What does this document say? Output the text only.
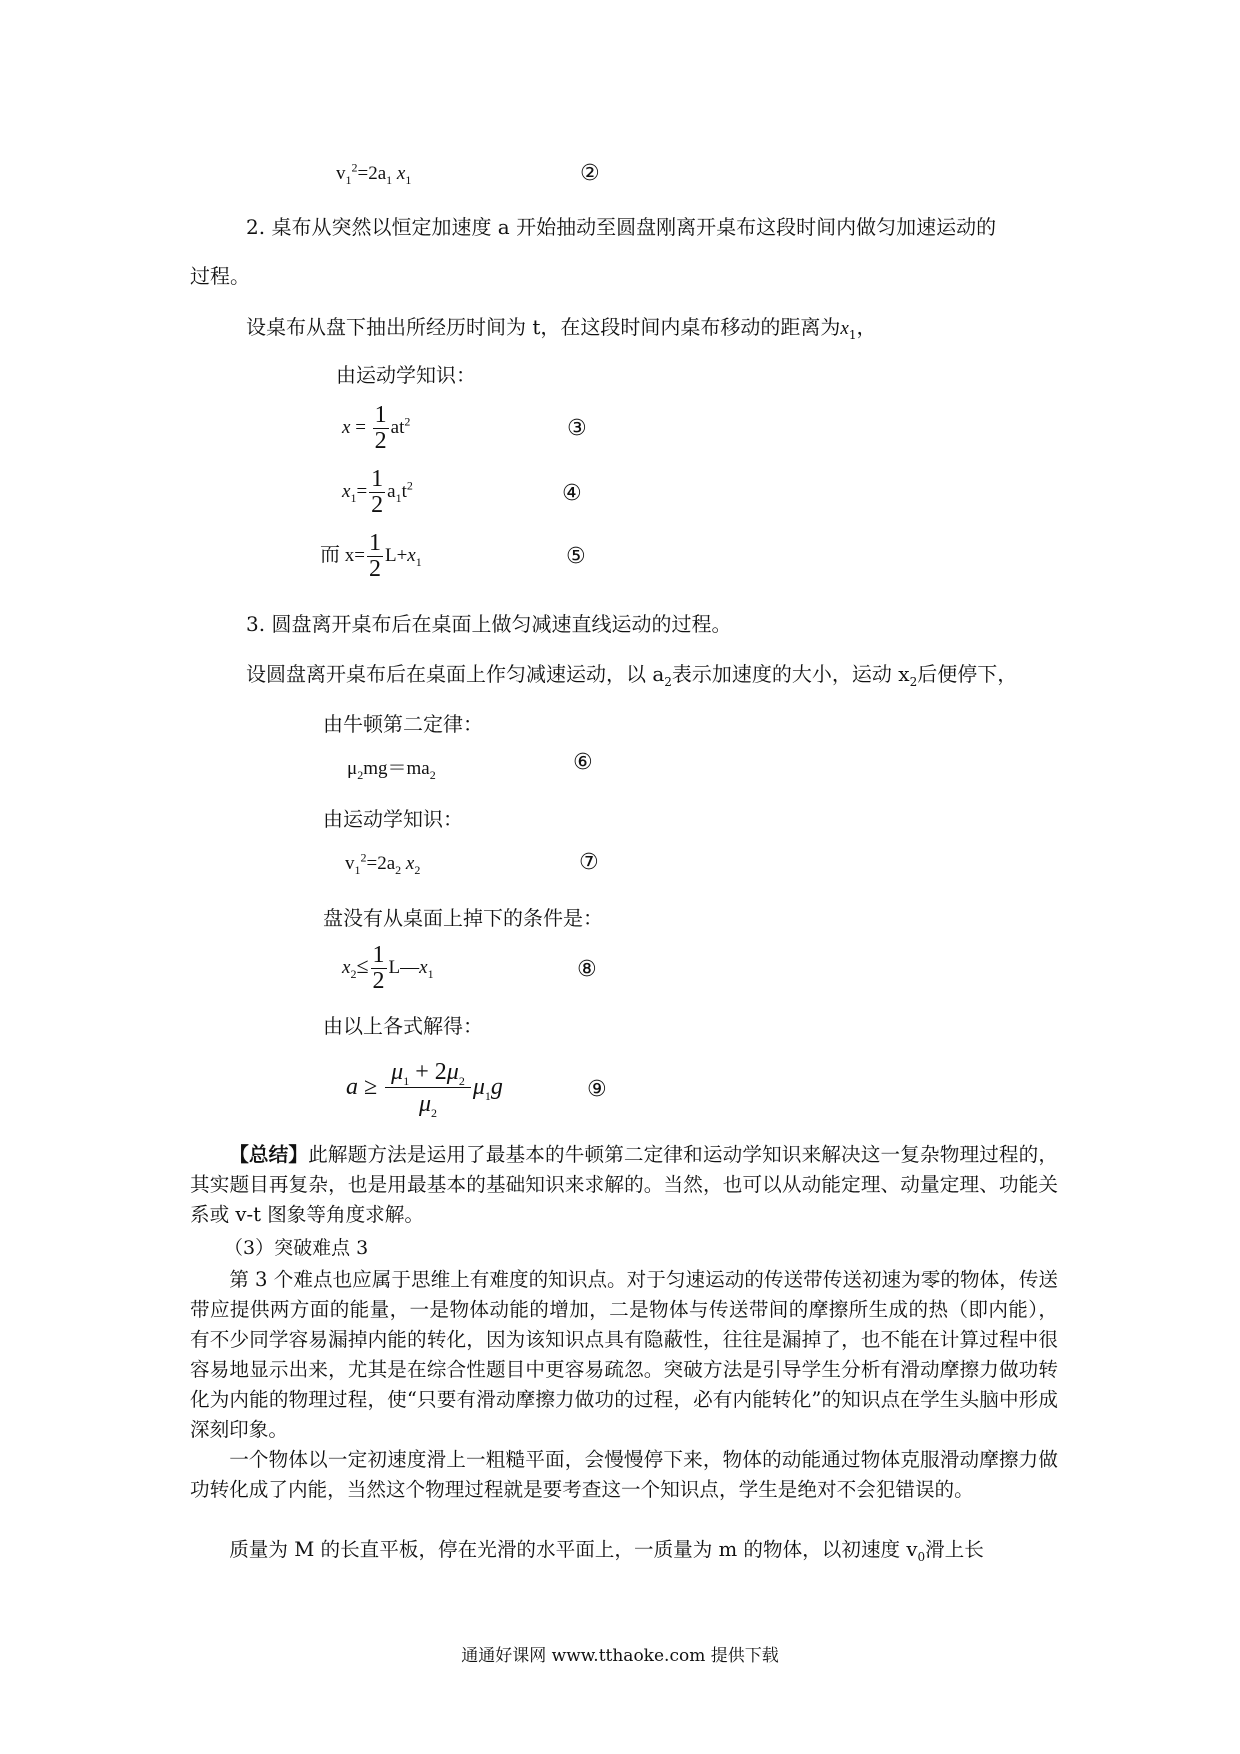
$v_1^2=2a_1$ $x_1$	②
2. 桌布从突然以恒定加速度 a 开始抽动至圆盘刚离开桌布这段时间内做匀加速运动的
过程。
设桌布从盘下抽出所经历时间为 t，在这段时间内桌布移动的距离为$x_1$，
由运动学知识：
$x = \frac{1}{2} at^2$	③
$x_1= \frac{1}{2} a_1t^2$	④
而 $x= \frac{1}{2} L+x_1$	⑤
3. 圆盘离开桌布后在桌面上做匀减速直线运动的过程。
设圆盘离开桌布后在桌面上作匀减速运动，以 $a_2$表示加速度的大小，运动 $x_2$后便停下，
由牛顿第二定律：
$\mu_2mg=ma_2$	⑥
由运动学知识：
$v_1^2=2a_2$ $x_2$	⑦
盘没有从桌面上掉下的条件是：
$x_2\le \frac{1}{2}$ $L—x_1$	⑧
由以上各式解得：
$a \ge \frac{\mu_1 + 2\mu_2}{\mu_2} \mu_1g$	⑨

【总结】此解题方法是运用了最基本的牛顿第二定律和运动学知识来解决这一复杂物理过程的，其实题目再复杂，也是用最基本的基础知识来求解的。当然，也可以从动能定理、动量定理、功能关系或 v-t 图象等角度求解。

（3）突破难点 3

第 3 个难点也应属于思维上有难度的知识点。对于匀速运动的传送带传送初速为零的物体，传送带应提供两方面的能量，一是物体动能的增加，二是物体与传送带间的摩擦所生成的热（即内能），有不少同学容易漏掉内能的转化，因为该知识点具有隐蔽性，往往是漏掉了，也不能在计算过程中很容易地显示出来，尤其是在综合性题目中更容易疏忽。突破方法是引导学生分析有滑动摩擦力做功转化为内能的物理过程，使“只要有滑动摩擦力做功的过程，必有内能转化”的知识点在学生头脑中形成深刻印象。

一个物体以一定初速度滑上一粗糙平面，会慢慢停下来，物体的动能通过物体克服滑动摩擦力做功转化成了内能，当然这个物理过程就是要考查这一个知识点，学生是绝对不会犯错误的。

质量为 M 的长直平板，停在光滑的水平面上，一质量为 m 的物体，以初速度 $v_0$滑上长

通通好课网 www.tthaoke.com 提供下载
